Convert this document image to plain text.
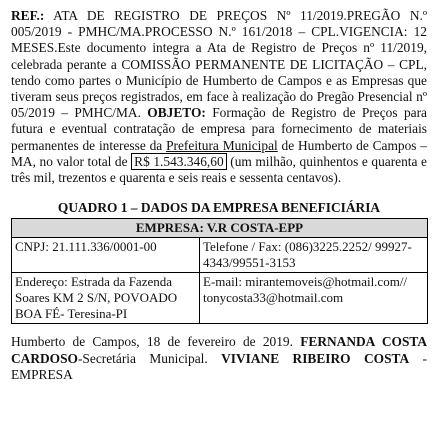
REF.: ATA DE REGISTRO DE PREÇOS Nº 11/2019.PREGÃO N.º 005/2019 - PMHC/MA.PROCESSO N.º 161/2018 – CPL.VIGENCIA: 12 MESES.Este documento integra a Ata de Registro de Preços nº 11/2019, celebrada perante a COMISSÃO PERMANENTE DE LICITAÇÃO – CPL, tendo como partes o Município de Humberto de Campos e as Empresas que tiveram seus preços registrados, em face à realização do Pregão Presencial nº 05/2019 – PMHC/MA. OBJETO: Formação de Registro de Preços para futura e eventual contratação de empresa para fornecimento de materiais permanentes de interesse da Prefeitura Municipal de Humberto de Campos – MA, no valor total de R$ 1.543.346,60 (um milhão, quinhentos e quarenta e três mil, trezentos e quarenta e seis reais e sessenta centavos).

QUADRO 1 – DADOS DA EMPRESA BENEFICIÁRIA
EMPRESA: V.R COSTA-EPP	
CNPJ: 21.111.336/0001-00	Telefone / Fax: (086)3225.2252/ 99927-4343/99551-3153
Endereço: Estrada da Fazenda Soares KM 2 S/N, POVOADO BOA FÉ- Teresina-PI	E-mail: mirantemoveis@hotmail.com// tonycosta33@hotmail.com

Humberto de Campos, 18 de fevereiro de 2019. FERNANDA COSTA CARDOSO-Secretária Municipal. VIVIANE RIBEIRO COSTA -EMPRESA
